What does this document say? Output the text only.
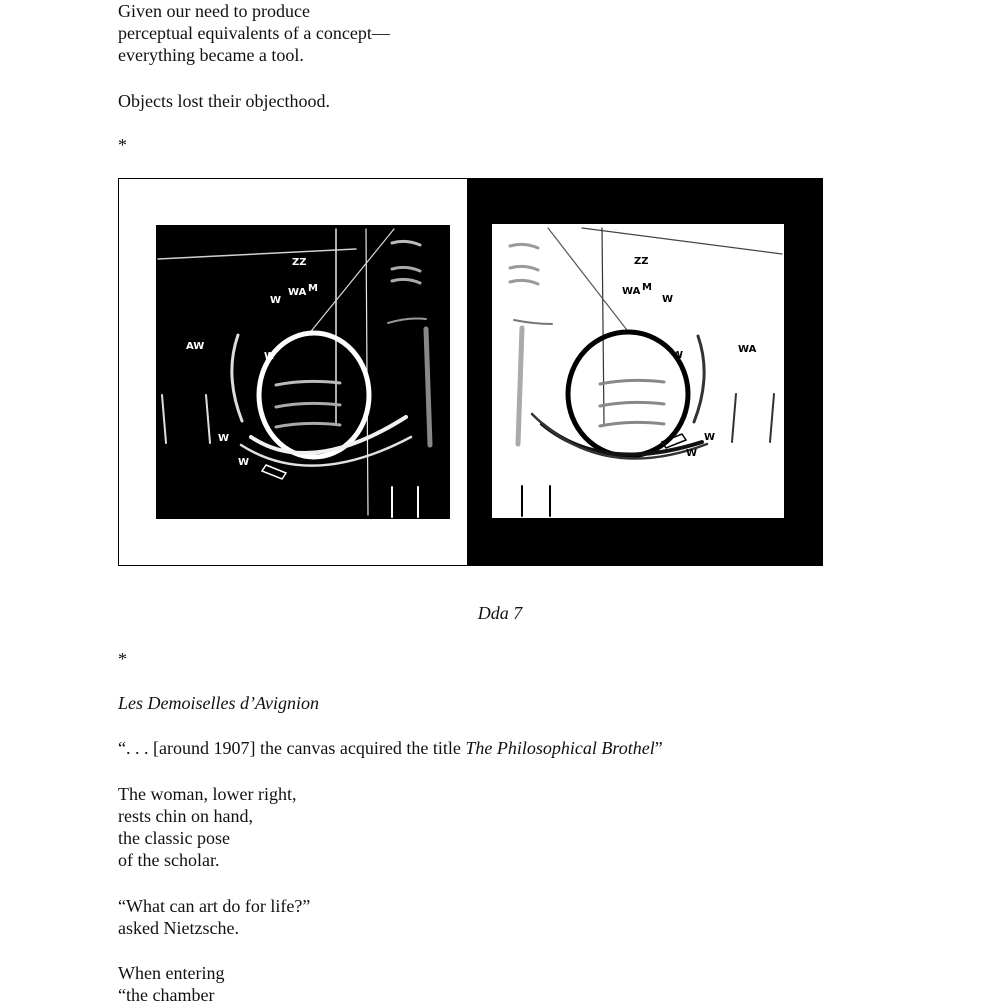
Given our need to produce
perceptual equivalents of a concept—
everything became a tool.
Objects lost their objecthood.
*
ZZ
W
WA M
W
AW
W
W
ZZ
WA M
W
W
WA
W
W
Dda 7
*
Les Demoiselles d’Avignion
“. . . [around 1907] the canvas acquired the title The Philosophical Brothel”
The woman, lower right,
rests chin on hand,
the classic pose
of the scholar.
“What can art do for life?”
asked Nietzsche.
When entering
“the chamber
